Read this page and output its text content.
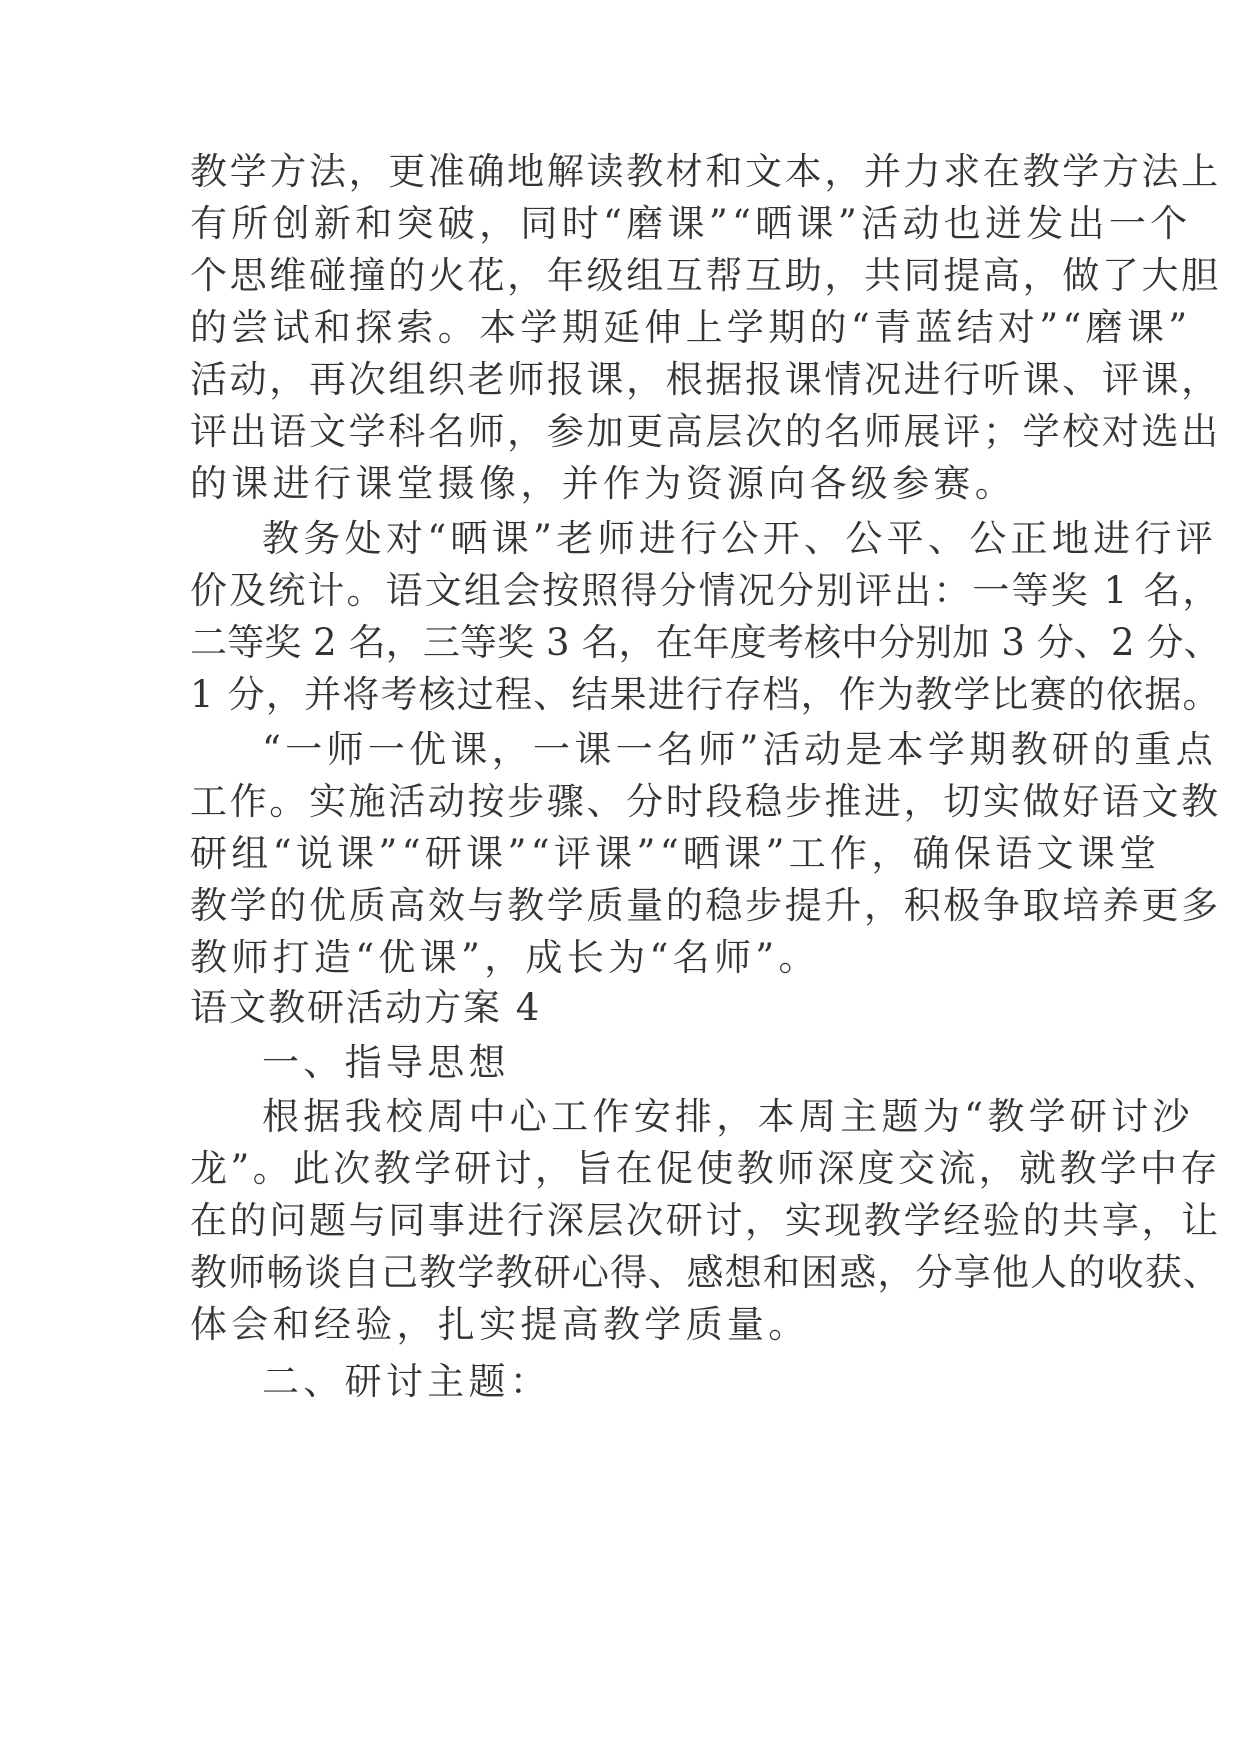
教学方法，更准确地解读教材和文本，并力求在教学方法上
有所创新和突破，同时“磨课”“晒课”活动也迸发出一个
个思维碰撞的火花，年级组互帮互助，共同提高，做了大胆
的尝试和探索。本学期延伸上学期的“青蓝结对”“磨课”
活动，再次组织老师报课，根据报课情况进行听课、评课，
评出语文学科名师，参加更高层次的名师展评；学校对选出
的课进行课堂摄像，并作为资源向各级参赛。
教务处对“晒课”老师进行公开、公平、公正地进行评
价及统计。语文组会按照得分情况分别评出：一等奖 1 名，
二等奖 2 名，三等奖 3 名，在年度考核中分别加 3 分、2 分、
1 分，并将考核过程、结果进行存档，作为教学比赛的依据。
“一师一优课，一课一名师”活动是本学期教研的重点
工作。实施活动按步骤、分时段稳步推进，切实做好语文教
研组“说课”“研课”“评课”“晒课”工作，确保语文课堂
教学的优质高效与教学质量的稳步提升，积极争取培养更多
教师打造“优课”，成长为“名师”。
语文教研活动方案 4
一、指导思想
根据我校周中心工作安排，本周主题为“教学研讨沙
龙”。此次教学研讨，旨在促使教师深度交流，就教学中存
在的问题与同事进行深层次研讨，实现教学经验的共享，让
教师畅谈自己教学教研心得、感想和困惑，分享他人的收获、
体会和经验，扎实提高教学质量。
二、研讨主题：
